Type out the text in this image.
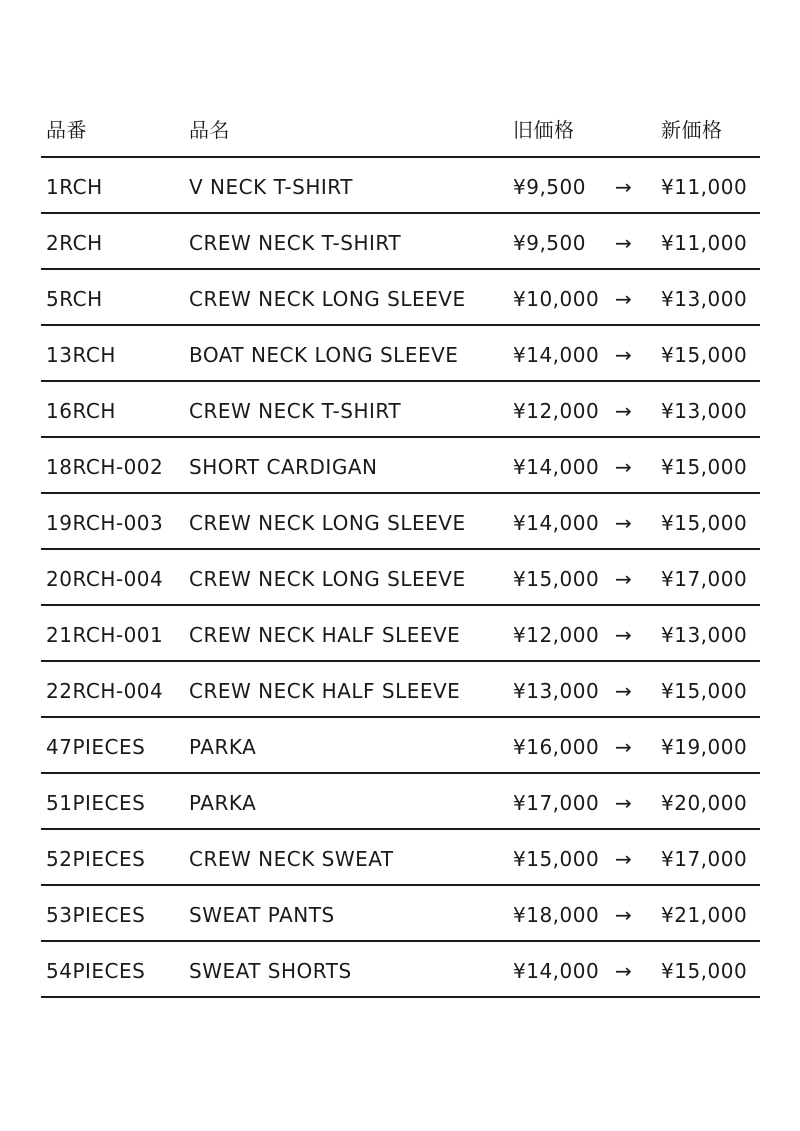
品番	品名	旧価格	新価格
1RCH	V NECK T-SHIRT	¥9,500 → ¥11,000
2RCH	CREW NECK T-SHIRT	¥9,500 → ¥11,000
5RCH	CREW NECK LONG SLEEVE ¥10,000 → ¥13,000
13RCH	BOAT NECK LONG SLEEVE	¥14,000 → ¥15,000
16RCH	CREW NECK T-SHIRT	¥12,000 → ¥13,000
18RCH-002 SHORT CARDIGAN	¥14,000 → ¥15,000
19RCH-003 CREW NECK LONG SLEEVE ¥14,000 → ¥15,000
20RCH-004 CREW NECK LONG SLEEVE ¥15,000 → ¥17,000
21RCH-001 CREW NECK HALF SLEEVE	¥12,000 → ¥13,000
22RCH-004 CREW NECK HALF SLEEVE	¥13,000 → ¥15,000
47PIECES PARKA	¥16,000 → ¥19,000
51PIECES PARKA	¥17,000 → ¥20,000
52PIECES CREW NECK SWEAT	¥15,000 → ¥17,000
53PIECES SWEAT PANTS	¥18,000 → ¥21,000
54PIECES SWEAT SHORTS	¥14,000 → ¥15,000
